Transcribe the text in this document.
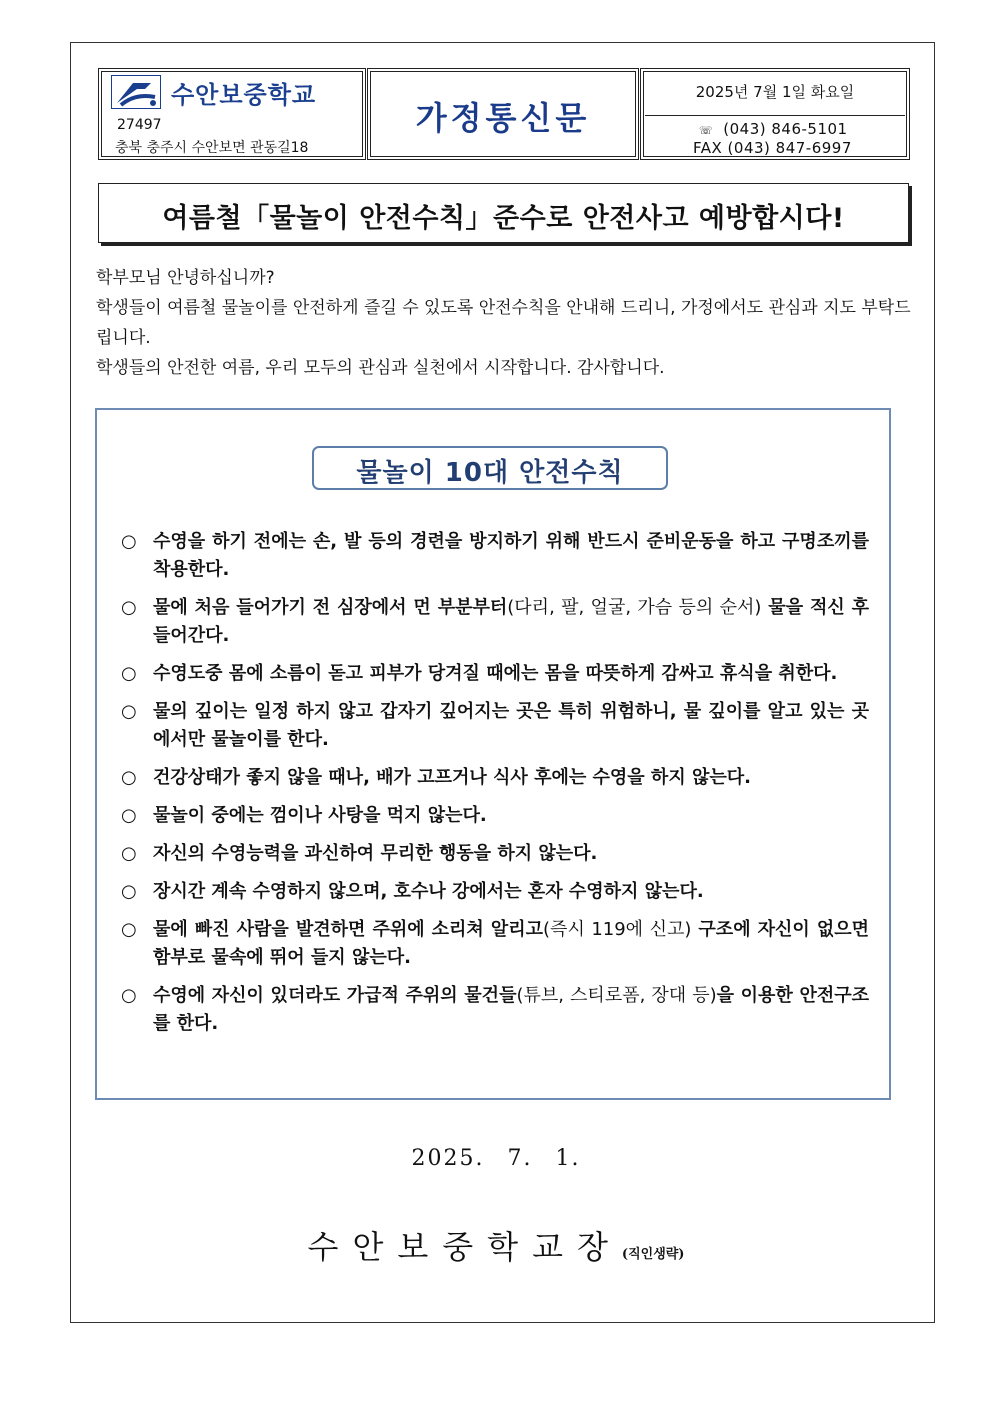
수안보중학교
27497
충북 충주시 수안보면 관동길18
가정통신문
2025년 7월 1일 화요일
☏ (043) 846-5101
FAX (043) 847-6997
여름철「물놀이 안전수칙」준수로 안전사고 예방합시다!

학부모님 안녕하십니까?

학생들이 여름철 물놀이를 안전하게 즐길 수 있도록 안전수칙을 안내해 드리니, 가정에서도 관심과 지도 부탁드립니다.

학생들의 안전한 여름, 우리 모두의 관심과 실천에서 시작합니다. 감사합니다.

물놀이 10대 안전수칙
○ 수영을 하기 전에는 손, 발 등의 경련을 방지하기 위해 반드시 준비운동을 하고 구명조끼를 착용한다.
○ 물에 처음 들어가기 전 심장에서 먼 부분부터(다리, 팔, 얼굴, 가슴 등의 순서) 물을 적신 후 들어간다.
○ 수영도중 몸에 소름이 돋고 피부가 당겨질 때에는 몸을 따뜻하게 감싸고 휴식을 취한다.
○ 물의 깊이는 일정 하지 않고 갑자기 깊어지는 곳은 특히 위험하니, 물 깊이를 알고 있는 곳에서만 물놀이를 한다.
○ 건강상태가 좋지 않을 때나, 배가 고프거나 식사 후에는 수영을 하지 않는다.
○ 물놀이 중에는 껌이나 사탕을 먹지 않는다.
○ 자신의 수영능력을 과신하여 무리한 행동을 하지 않는다.
○ 장시간 계속 수영하지 않으며, 호수나 강에서는 혼자 수영하지 않는다.
○ 물에 빠진 사람을 발견하면 주위에 소리쳐 알리고(즉시 119에 신고) 구조에 자신이 없으면 함부로 물속에 뛰어 들지 않는다.
○ 수영에 자신이 있더라도 가급적 주위의 물건들(튜브, 스티로폼, 장대 등)을 이용한 안전구조를 한다.
2025. 7. 1.
수안보중학교장(직인생략)
